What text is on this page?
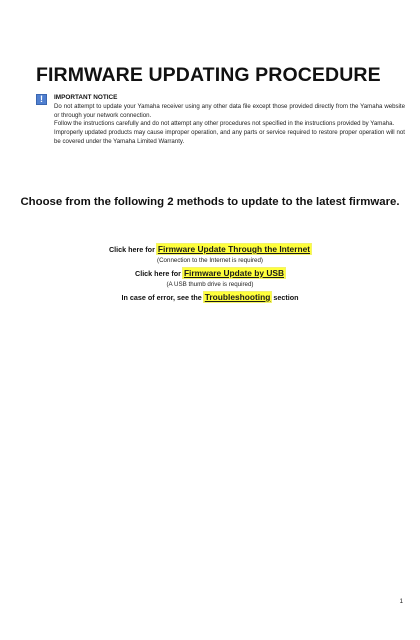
FIRMWARE UPDATING PROCEDURE
!	IMPORTANT NOTICE

Do not attempt to update your Yamaha receiver using any other data file except those provided directly from the Yamaha website or through your network connection.

Follow the instructions carefully and do not attempt any other procedures not specified in the instructions provided by Yamaha.

Improperly updated products may cause improper operation, and any parts or service required to restore proper operation will not be covered under the Yamaha Limited Warranty.

Choose from the following 2 methods to update to the latest firmware.
Click here for Firmware Update Through the Internet
(Connection to the Internet is required)
Click here for Firmware Update by USB
(A USB thumb drive is required)
In case of error, see the Troubleshooting section
1
